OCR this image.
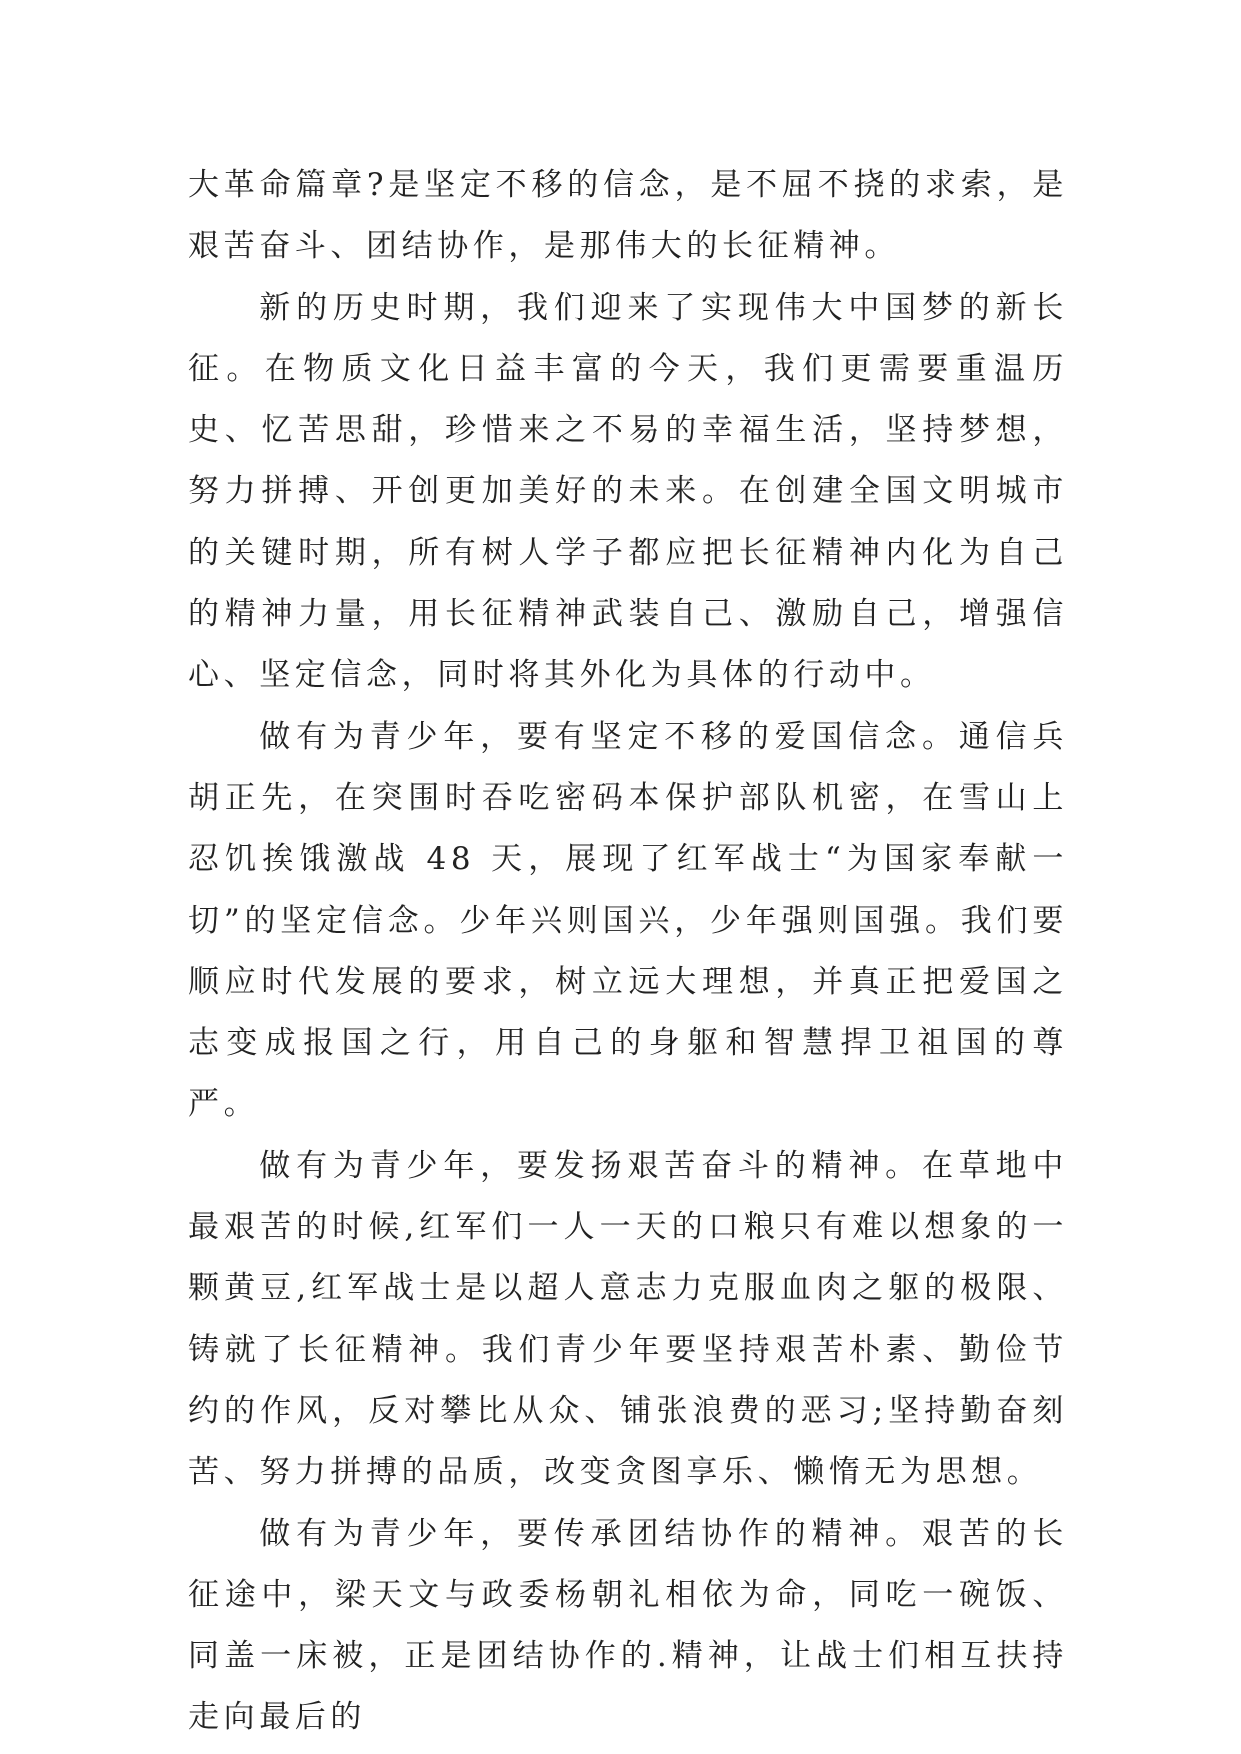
大革命篇章?是坚定不移的信念，是不屈不挠的求索，是艰苦奋斗、团结协作，是那伟大的长征精神。

新的历史时期，我们迎来了实现伟大中国梦的新长征。在物质文化日益丰富的今天，我们更需要重温历史、忆苦思甜，珍惜来之不易的幸福生活，坚持梦想，努力拼搏、开创更加美好的未来。在创建全国文明城市的关键时期，所有树人学子都应把长征精神内化为自己的精神力量，用长征精神武装自己、激励自己，增强信心、坚定信念，同时将其外化为具体的行动中。

做有为青少年，要有坚定不移的爱国信念。通信兵胡正先，在突围时吞吃密码本保护部队机密，在雪山上忍饥挨饿激战 48 天，展现了红军战士“为国家奉献一切”的坚定信念。少年兴则国兴，少年强则国强。我们要顺应时代发展的要求，树立远大理想，并真正把爱国之志变成报国之行，用自己的身躯和智慧捍卫祖国的尊严。

做有为青少年，要发扬艰苦奋斗的精神。在草地中最艰苦的时候,红军们一人一天的口粮只有难以想象的一颗黄豆,红军战士是以超人意志力克服血肉之躯的极限、铸就了长征精神。我们青少年要坚持艰苦朴素、勤俭节约的作风，反对攀比从众、铺张浪费的恶习;坚持勤奋刻苦、努力拼搏的品质，改变贪图享乐、懒惰无为思想。

做有为青少年，要传承团结协作的精神。艰苦的长征途中，梁天文与政委杨朝礼相依为命，同吃一碗饭、同盖一床被，正是团结协作的.精神，让战士们相互扶持走向最后的
